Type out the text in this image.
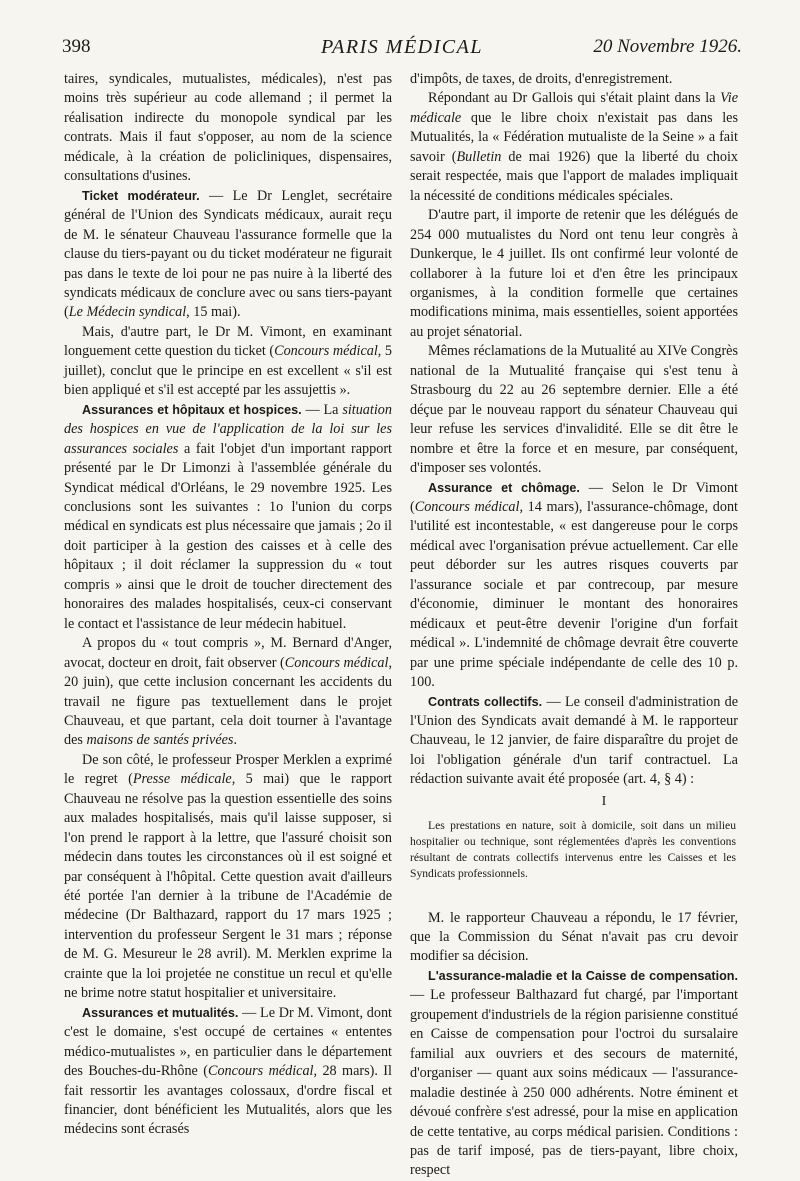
398	PARIS MÉDICAL	20 Novembre 1926.

taires, syndicales, mutualistes, médicales), n'est pas moins très supérieur au code allemand ; il permet la réalisation indirecte du monopole syndical par les contrats. Mais il faut s'opposer, au nom de la science médicale, à la création de policliniques, dispensaires, consultations d'usines.

Ticket modérateur. — Le Dr Lenglet, secrétaire général de l'Union des Syndicats médicaux, aurait reçu de M. le sénateur Chauveau l'assurance formelle que la clause du tiers-payant ou du ticket modérateur ne figurait pas dans le texte de loi pour ne pas nuire à la liberté des syndicats médicaux de conclure avec ou sans tiers-payant (Le Médecin syndical, 15 mai).

Mais, d'autre part, le Dr M. Vimont, en examinant longuement cette question du ticket (Concours médical, 5 juillet), conclut que le principe en est excellent « s'il est bien appliqué et s'il est accepté par les assujettis ».

Assurances et hôpitaux et hospices. — La situation des hospices en vue de l'application de la loi sur les assurances sociales a fait l'objet d'un important rapport présenté par le Dr Limonzi à l'assemblée générale du Syndicat médical d'Orléans, le 29 novembre 1925. Les conclusions sont les suivantes : 1o l'union du corps médical en syndicats est plus nécessaire que jamais ; 2o il doit participer à la gestion des caisses et à celle des hôpitaux ; il doit réclamer la suppression du « tout compris » ainsi que le droit de toucher directement des honoraires des malades hospitalisés, ceux-ci conservant le contact et l'assistance de leur médecin habituel.

A propos du « tout compris », M. Bernard d'Anger, avocat, docteur en droit, fait observer (Concours médical, 20 juin), que cette inclusion concernant les accidents du travail ne figure pas textuellement dans le projet Chauveau, et que partant, cela doit tourner à l'avantage des maisons de santés privées.

De son côté, le professeur Prosper Merklen a exprimé le regret (Presse médicale, 5 mai) que le rapport Chauveau ne résolve pas la question essentielle des soins aux malades hospitalisés, mais qu'il laisse supposer, si l'on prend le rapport à la lettre, que l'assuré choisit son médecin dans toutes les circonstances où il est soigné et par conséquent à l'hôpital. Cette question avait d'ailleurs été portée l'an dernier à la tribune de l'Académie de médecine (Dr Balthazard, rapport du 17 mars 1925 ; intervention du professeur Sergent le 31 mars ; réponse de M. G. Mesureur le 28 avril). M. Merklen exprime la crainte que la loi projetée ne constitue un recul et qu'elle ne brime notre statut hospitalier et universitaire.

Assurances et mutualités. — Le Dr M. Vimont, dont c'est le domaine, s'est occupé de certaines « ententes médico-mutualistes », en particulier dans le département des Bouches-du-Rhône (Concours médical, 28 mars). Il fait ressortir les avantages colossaux, d'ordre fiscal et financier, dont bénéficient les Mutualités, alors que les médecins sont écrasés

d'impôts, de taxes, de droits, d'enregistrement.

Répondant au Dr Gallois qui s'était plaint dans la Vie médicale que le libre choix n'existait pas dans les Mutualités, la « Fédération mutualiste de la Seine » a fait savoir (Bulletin de mai 1926) que la liberté du choix serait respectée, mais que l'apport de malades impliquait la nécessité de conditions médicales spéciales.

D'autre part, il importe de retenir que les délégués de 254 000 mutualistes du Nord ont tenu leur congrès à Dunkerque, le 4 juillet. Ils ont confirmé leur volonté de collaborer à la future loi et d'en être les principaux organismes, à la condition formelle que certaines modifications minima, mais essentielles, soient apportées au projet sénatorial.

Mêmes réclamations de la Mutualité au XIVe Congrès national de la Mutualité française qui s'est tenu à Strasbourg du 22 au 26 septembre dernier. Elle a été déçue par le nouveau rapport du sénateur Chauveau qui leur refuse les services d'invalidité. Elle se dit être le nombre et être la force et en mesure, par conséquent, d'imposer ses volontés.

Assurance et chômage. — Selon le Dr Vimont (Concours médical, 14 mars), l'assurance-chômage, dont l'utilité est incontestable, « est dangereuse pour le corps médical avec l'organisation prévue actuellement. Car elle peut déborder sur les autres risques couverts par l'assurance sociale et par contrecoup, par mesure d'économie, diminuer le montant des honoraires médicaux et peut-être devenir l'origine d'un forfait médical ». L'indemnité de chômage devrait être couverte par une prime spéciale indépendante de celle des 10 p. 100.

Contrats collectifs. — Le conseil d'administration de l'Union des Syndicats avait demandé à M. le rapporteur Chauveau, le 12 janvier, de faire disparaître du projet de loi l'obligation générale d'un tarif contractuel. La rédaction suivante avait été proposée (art. 4, § 4) :

I

Les prestations en nature, soit à domicile, soit dans un milieu hospitalier ou technique, sont réglementées d'après les conventions résultant de contrats collectifs intervenus entre les Caisses et les Syndicats professionnels.

M. le rapporteur Chauveau a répondu, le 17 février, que la Commission du Sénat n'avait pas cru devoir modifier sa décision.

L'assurance-maladie et la Caisse de compensation. — Le professeur Balthazard fut chargé, par l'important groupement d'industriels de la région parisienne constitué en Caisse de compensation pour l'octroi du sursalaire familial aux ouvriers et des secours de maternité, d'organiser — quant aux soins médicaux — l'assurance-maladie destinée à 250 000 adhérents. Notre éminent et dévoué confrère s'est adressé, pour la mise en application de cette tentative, au corps médical parisien. Conditions : pas de tarif imposé, pas de tiers-payant, libre choix, respect
